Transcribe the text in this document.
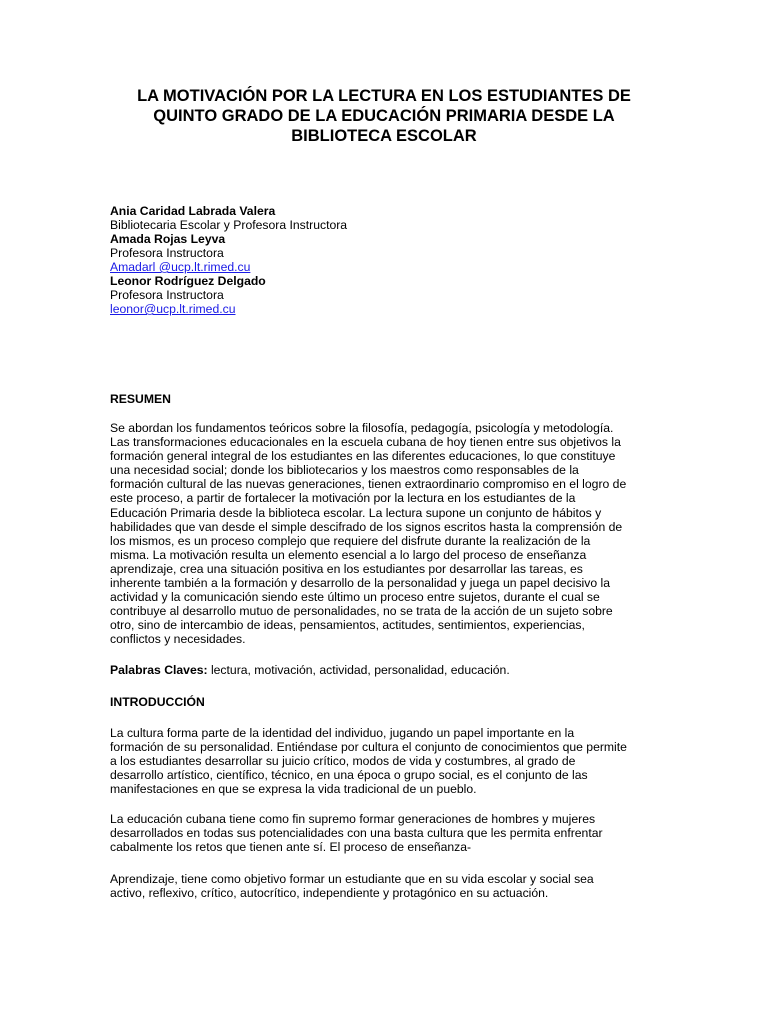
LA MOTIVACIÓN POR LA LECTURA EN LOS ESTUDIANTES DE
QUINTO GRADO DE LA EDUCACIÓN PRIMARIA DESDE LA
BIBLIOTECA ESCOLAR
Ania Caridad Labrada Valera
Bibliotecaria Escolar y Profesora Instructora
Amada Rojas Leyva
Profesora Instructora
Amadarl @ucp.lt.rimed.cu
Leonor Rodríguez Delgado
Profesora Instructora
leonor@ucp.lt.rimed.cu
RESUMEN
Se abordan los fundamentos teóricos sobre la filosofía, pedagogía, psicología y metodología.
Las transformaciones educacionales en la escuela cubana de hoy tienen entre sus objetivos la
formación general integral de los estudiantes en las diferentes educaciones, lo que constituye
una necesidad social; donde los bibliotecarios y los maestros como responsables de la
formación cultural de las nuevas generaciones, tienen extraordinario compromiso en el logro de
este proceso, a partir de fortalecer la motivación por la lectura en los estudiantes de la
Educación Primaria desde la biblioteca escolar. La lectura supone un conjunto de hábitos y
habilidades que van desde el simple descifrado de los signos escritos hasta la comprensión de
los mismos, es un proceso complejo que requiere del disfrute durante la realización de la
misma. La motivación resulta un elemento esencial a lo largo del proceso de enseñanza
aprendizaje, crea una situación positiva en los estudiantes por desarrollar las tareas, es
inherente también a la formación y desarrollo de la personalidad y juega un papel decisivo la
actividad y la comunicación siendo este último un proceso entre sujetos, durante el cual se
contribuye al desarrollo mutuo de personalidades, no se trata de la acción de un sujeto sobre
otro, sino de intercambio de ideas, pensamientos, actitudes, sentimientos, experiencias,
conflictos y necesidades.
Palabras Claves: lectura, motivación, actividad, personalidad, educación.
INTRODUCCIÓN
La cultura forma parte de la identidad del individuo, jugando un papel importante en la
formación de su personalidad. Entiéndase por cultura el conjunto de conocimientos que permite
a los estudiantes desarrollar su juicio crítico, modos de vida y costumbres, al grado de
desarrollo artístico, científico, técnico, en una época o grupo social, es el conjunto de las
manifestaciones en que se expresa la vida tradicional de un pueblo.
La educación cubana tiene como fin supremo formar generaciones de hombres y mujeres
desarrollados en todas sus potencialidades con una basta cultura que les permita enfrentar
cabalmente los retos que tienen ante sí. El proceso de enseñanza-
Aprendizaje, tiene como objetivo formar un estudiante que en su vida escolar y social sea
activo, reflexivo, crítico, autocrítico, independiente y protagónico en su actuación.
